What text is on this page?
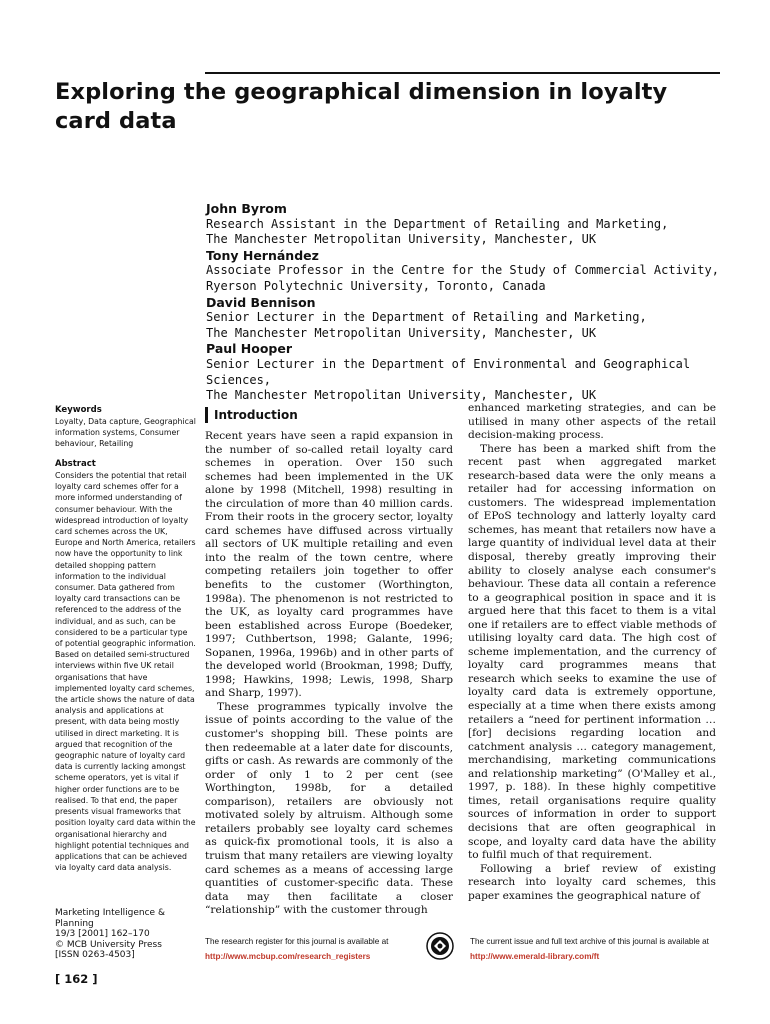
Exploring the geographical dimension in loyalty card data
John Byrom
Research Assistant in the Department of Retailing and Marketing,
The Manchester Metropolitan University, Manchester, UK
Tony Hernández
Associate Professor in the Centre for the Study of Commercial Activity,
Ryerson Polytechnic University, Toronto, Canada
David Bennison
Senior Lecturer in the Department of Retailing and Marketing,
The Manchester Metropolitan University, Manchester, UK
Paul Hooper
Senior Lecturer in the Department of Environmental and Geographical Sciences,
The Manchester Metropolitan University, Manchester, UK
Keywords

Loyalty, Data capture, Geographical information systems, Consumer behaviour, Retailing

Abstract

Considers the potential that retail loyalty card schemes offer for a more informed understanding of consumer behaviour. With the widespread introduction of loyalty card schemes across the UK, Europe and North America, retailers now have the opportunity to link detailed shopping pattern information to the individual consumer. Data gathered from loyalty card transactions can be referenced to the address of the individual, and as such, can be considered to be a particular type of potential geographic information. Based on detailed semi-structured interviews within five UK retail organisations that have implemented loyalty card schemes, the article shows the nature of data analysis and applications at present, with data being mostly utilised in direct marketing. It is argued that recognition of the geographic nature of loyalty card data is currently lacking amongst scheme operators, yet is vital if higher order functions are to be realised. To that end, the paper presents visual frameworks that position loyalty card data within the organisational hierarchy and highlight potential techniques and applications that can be achieved via loyalty card data analysis.

Marketing Intelligence & Planning
19/3 [2001] 162–170
© MCB University Press
[ISSN 0263-4503]
[ 162 ]
Introduction

Recent years have seen a rapid expansion in the number of so-called retail loyalty card schemes in operation. Over 150 such schemes had been implemented in the UK alone by 1998 (Mitchell, 1998) resulting in the circulation of more than 40 million cards. From their roots in the grocery sector, loyalty card schemes have diffused across virtually all sectors of UK multiple retailing and even into the realm of the town centre, where competing retailers join together to offer benefits to the customer (Worthington, 1998a). The phenomenon is not restricted to the UK, as loyalty card programmes have been established across Europe (Boedeker, 1997; Cuthbertson, 1998; Galante, 1996; Sopanen, 1996a, 1996b) and in other parts of the developed world (Brookman, 1998; Duffy, 1998; Hawkins, 1998; Lewis, 1998, Sharp and Sharp, 1997).

These programmes typically involve the issue of points according to the value of the customer's shopping bill. These points are then redeemable at a later date for discounts, gifts or cash. As rewards are commonly of the order of only 1 to 2 per cent (see Worthington, 1998b, for a detailed comparison), retailers are obviously not motivated solely by altruism. Although some retailers probably see loyalty card schemes as quick-fix promotional tools, it is also a truism that many retailers are viewing loyalty card schemes as a means of accessing large quantities of customer-specific data. These data may then facilitate a closer “relationship” with the customer through

enhanced marketing strategies, and can be utilised in many other aspects of the retail decision-making process.

There has been a marked shift from the recent past when aggregated market research-based data were the only means a retailer had for accessing information on customers. The widespread implementation of EPoS technology and latterly loyalty card schemes, has meant that retailers now have a large quantity of individual level data at their disposal, thereby greatly improving their ability to closely analyse each consumer's behaviour. These data all contain a reference to a geographical position in space and it is argued here that this facet to them is a vital one if retailers are to effect viable methods of utilising loyalty card data. The high cost of scheme implementation, and the currency of loyalty card programmes means that research which seeks to examine the use of loyalty card data is extremely opportune, especially at a time when there exists among retailers a “need for pertinent information … [for] decisions regarding location and catchment analysis … category management, merchandising, marketing communications and relationship marketing” (O'Malley et al., 1997, p. 188). In these highly competitive times, retail organisations require quality sources of information in order to support decisions that are often geographical in scope, and loyalty card data have the ability to fulfil much of that requirement.

Following a brief review of existing research into loyalty card schemes, this paper examines the geographical nature of

The research register for this journal is available at
http://www.mcbup.com/research_registers
The current issue and full text archive of this journal is available at
http://www.emerald-library.com/ft
